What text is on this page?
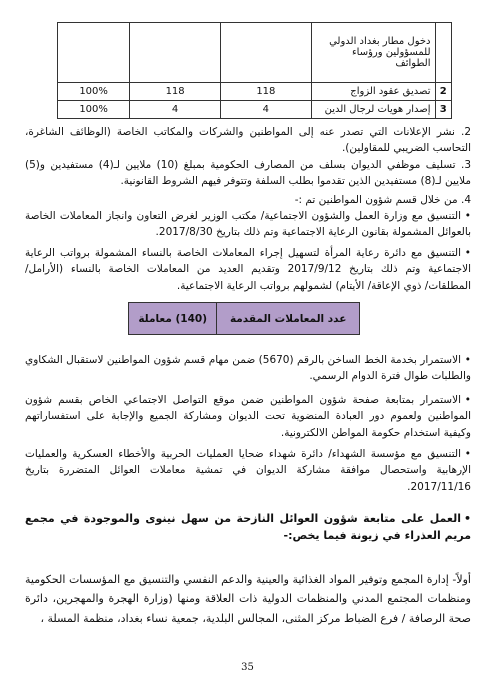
	دخول مطار بغداد الدولي
للمسؤولين ورؤساء
الطوائف			

2	تصديق عقود الزواج	118	118	100%
3	إصدار هويات لرجال الدين	4	4	100%

2. نشر الإعلانات التي تصدر عنه إلى المواطنين والشركات والمكاتب الخاصة (الوظائف الشاغرة، التحاسب الضريبي للمقاولين).

3. تسليف موظفي الديوان بسلف من المصارف الحكومية بمبلغ (10) ملايين لـ(4) مستفيدين و(5) ملايين لـ(8) مستفيدين الذين تقدموا بطلب السلفة وتتوفر فيهم الشروط القانونية.

4. من خلال قسم شؤون المواطنين تم :-

•التنسيق مع وزارة العمل والشؤون الاجتماعية/ مكتب الوزير لغرض التعاون وانجاز المعاملات الخاصة بالعوائل المشمولة بقانون الرعاية الاجتماعية وتم ذلك بتاريخ 2017/8/30.
•التنسيق مع دائرة رعاية المرأة لتسهيل إجراء المعاملات الخاصة بالنساء المشمولة برواتب الرعاية الاجتماعية وتم ذلك بتاريخ 2017/9/12 وتقديم العديد من المعاملات الخاصة بالنساء (الأرامل/ المطلقات/ ذوي الإعاقة/ الأيتام) لشمولهم برواتب الرعاية الاجتماعية.
عدد المعاملات المقدمة	(140) معاملة
•الاستمرار بخدمة الخط الساخن بالرقم (5670) ضمن مهام قسم شؤون المواطنين لاستقبال الشكاوي والطلبات طوال فترة الدوام الرسمي.
•الاستمرار بمتابعة صفحة شؤون المواطنين ضمن موقع التواصل الاجتماعي الخاص بقسم شؤون المواطنين ولعموم دور العبادة المنضوية تحت الديوان ومشاركة الجميع والإجابة على استفساراتهم وكيفية استخدام حكومة المواطن الالكترونية.
•التنسيق مع مؤسسة الشهداء/ دائرة شهداء ضحايا العمليات الحربية والأخطاء العسكرية والعمليات الإرهابية واستحصال موافقة مشاركة الديوان في تمشية معاملات العوائل المتضررة بتاريخ 2017/11/16.
•العمل على متابعة شؤون العوائل النازحة من سهل نينوى والموجودة في مجمع مريم العذراء في زيونة فيما يخص:-

أولاً- إدارة المجمع وتوفير المواد الغذائية والعينية والدعم النفسي والتنسيق مع المؤسسات الحكومية ومنظمات المجتمع المدني والمنظمات الدولية ذات العلاقة ومنها (وزارة الهجرة والمهجرين، دائرة صحة الرصافة / فرع الضباط مركز المثنى، المجالس البلدية، جمعية نساء بغداد، منظمة المسلة ،

35
